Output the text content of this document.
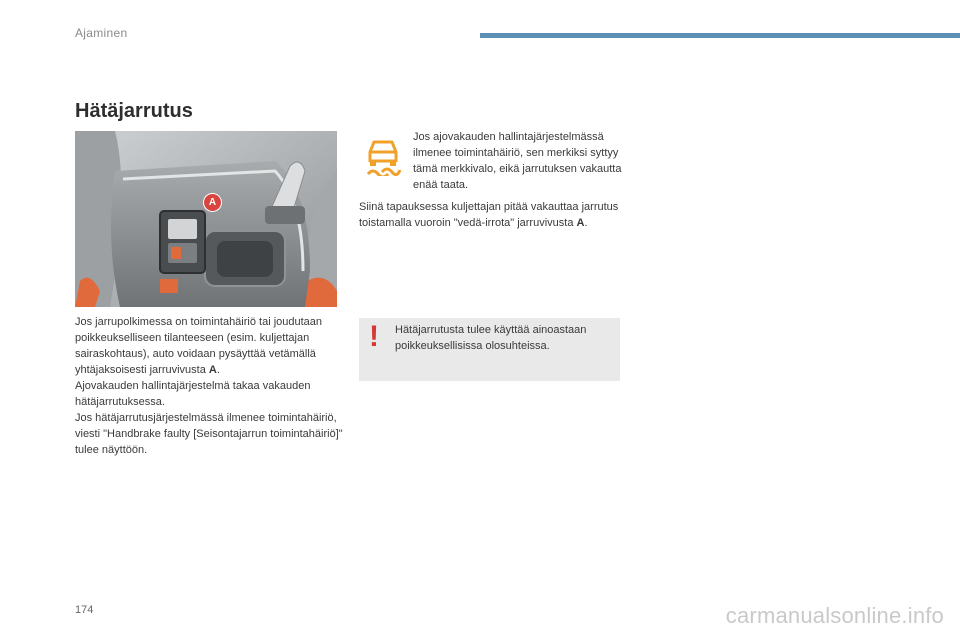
Ajaminen
Hätäjarrutus
A
Jos ajovakauden hallintajärjestelmässä ilmenee toimintahäiriö, sen merkiksi syttyy tämä merkkivalo, eikä jarrutuksen vakautta enää taata.
Siinä tapauksessa kuljettajan pitää vakauttaa jarrutus toistamalla vuoroin "vedä-irrota" jarruvivusta A.

Jos jarrupolkimessa on toimintahäiriö tai joudutaan poikkeukselliseen tilanteeseen (esim. kuljettajan sairaskohtaus), auto voidaan pysäyttää vetämällä yhtäjaksoisesti jarruvivusta A.

Ajovakauden hallintajärjestelmä takaa vakauden hätäjarrutuksessa.

Jos hätäjarrutusjärjestelmässä ilmenee toimintahäiriö, viesti "Handbrake faulty [Seisontajarrun toimintahäiriö]" tulee näyttöön.

! Hätäjarrutusta tulee käyttää ainoastaan poikkeuksellisissa olosuhteissa.
174	carmanualsonline.info
